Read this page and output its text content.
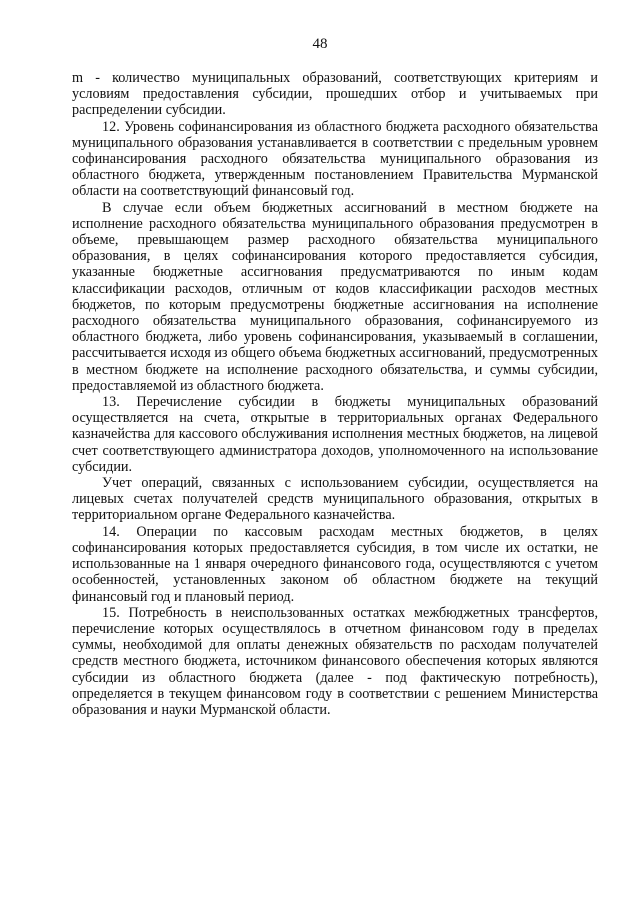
48

m - количество муниципальных образований, соответствующих критериям и условиям предоставления субсидии, прошедших отбор и учитываемых при распределении субсидии.

12. Уровень софинансирования из областного бюджета расходного обязательства муниципального образования устанавливается в соответствии с предельным уровнем софинансирования расходного обязательства муниципального образования из областного бюджета, утвержденным постановлением Правительства Мурманской области на соответствующий финансовый год.

В случае если объем бюджетных ассигнований в местном бюджете на исполнение расходного обязательства муниципального образования предусмотрен в объеме, превышающем размер расходного обязательства муниципального образования, в целях софинансирования которого предоставляется субсидия, указанные бюджетные ассигнования предусматриваются по иным кодам классификации расходов, отличным от кодов классификации расходов местных бюджетов, по которым предусмотрены бюджетные ассигнования на исполнение расходного обязательства муниципального образования, софинансируемого из областного бюджета, либо уровень софинансирования, указываемый в соглашении, рассчитывается исходя из общего объема бюджетных ассигнований, предусмотренных в местном бюджете на исполнение расходного обязательства, и суммы субсидии, предоставляемой из областного бюджета.

13. Перечисление субсидии в бюджеты муниципальных образований осуществляется на счета, открытые в территориальных органах Федерального казначейства для кассового обслуживания исполнения местных бюджетов, на лицевой счет соответствующего администратора доходов, уполномоченного на использование субсидии.

Учет операций, связанных с использованием субсидии, осуществляется на лицевых счетах получателей средств муниципального образования, открытых в территориальном органе Федерального казначейства.

14. Операции по кассовым расходам местных бюджетов, в целях софинансирования которых предоставляется субсидия, в том числе их остатки, не использованные на 1 января очередного финансового года, осуществляются с учетом особенностей, установленных законом об областном бюджете на текущий финансовый год и плановый период.

15. Потребность в неиспользованных остатках межбюджетных трансфертов, перечисление которых осуществлялось в отчетном финансовом году в пределах суммы, необходимой для оплаты денежных обязательств по расходам получателей средств местного бюджета, источником финансового обеспечения которых являются субсидии из областного бюджета (далее - под фактическую потребность), определяется в текущем финансовом году в соответствии с решением Министерства образования и науки Мурманской области.
